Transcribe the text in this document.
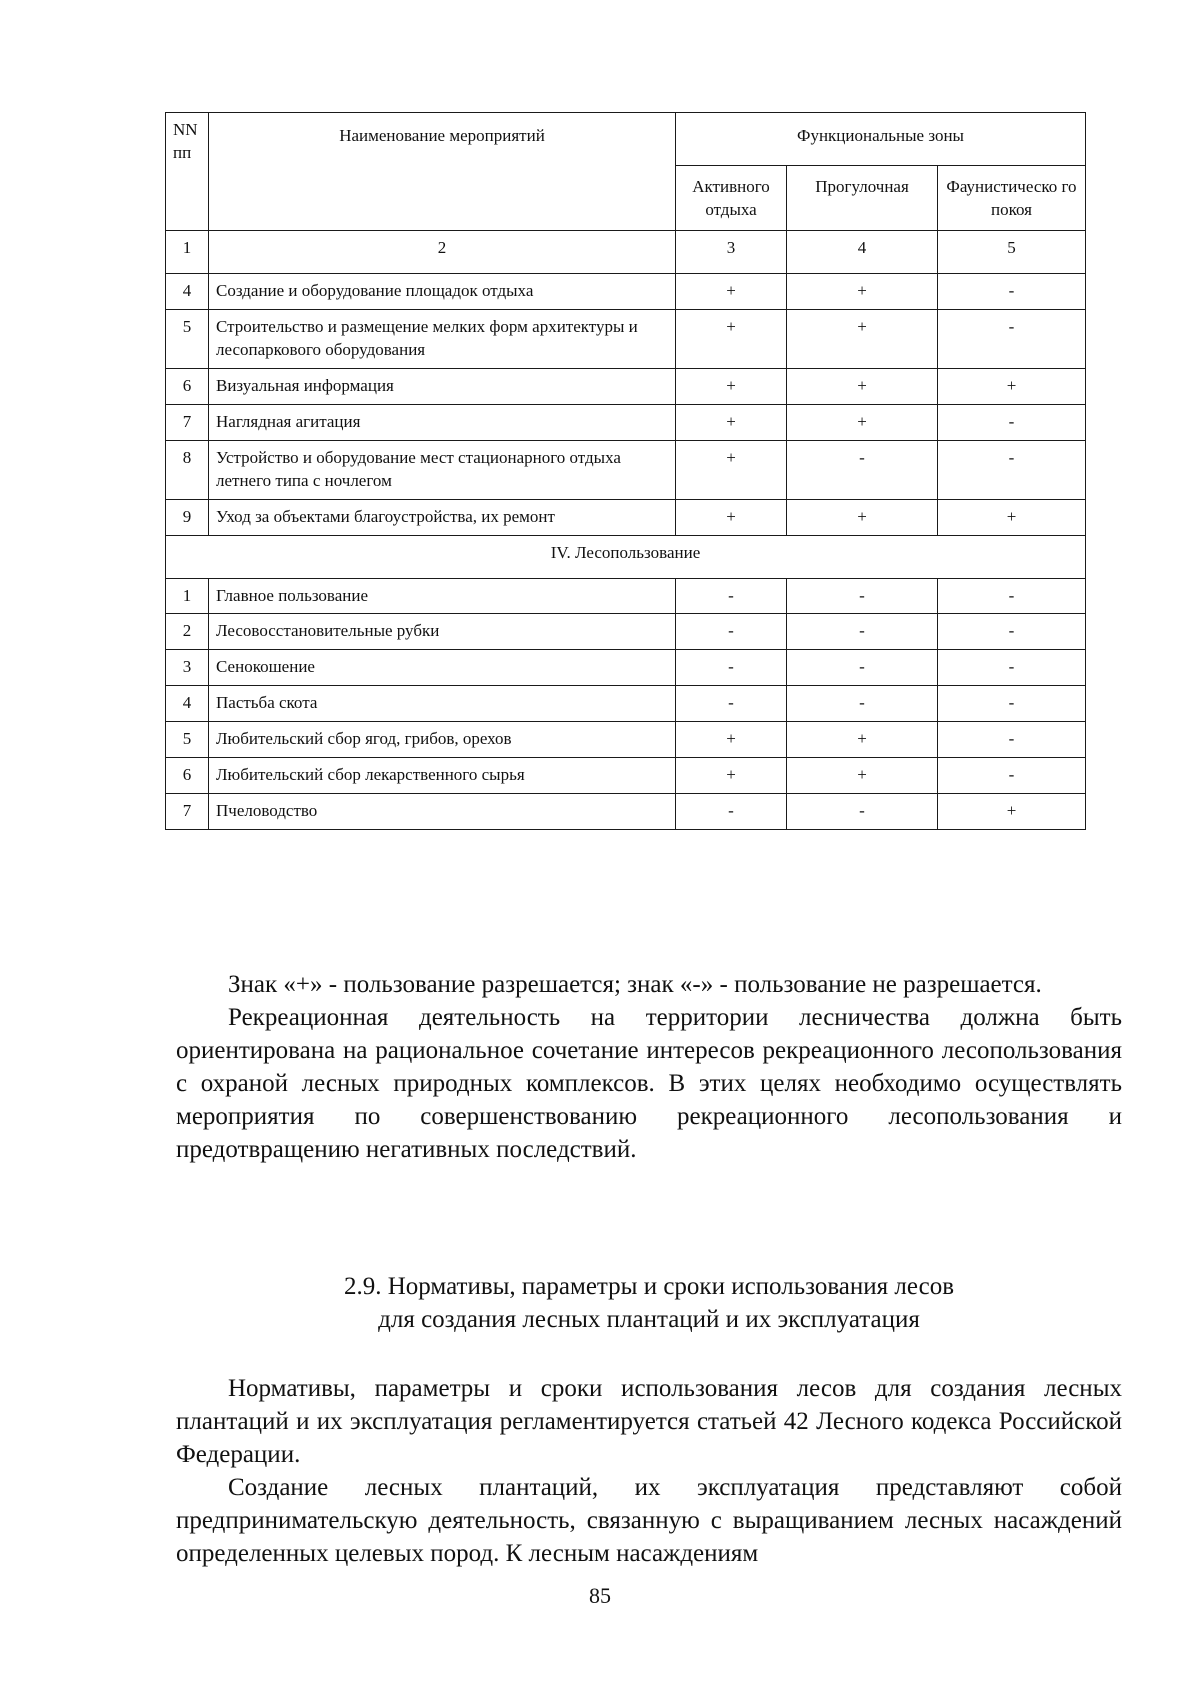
NN пп	Наименование мероприятий	Функциональные зоны		
		Активного отдыха	Прогулочная	Фаунистическо го покоя
1	2	3	4	5
4	Создание и оборудование площадок отдыха	+	+	-
5	Строительство и размещение мелких форм архитектуры и лесопаркового оборудования	+	+	-
6	Визуальная информация	+	+	+
7	Наглядная агитация	+	+	-
8	Устройство и оборудование мест стационарного отдыха летнего типа с ночлегом	+	-	-
9	Уход за объектами благоустройства, их ремонт	+	+	+
IV. Лесопользование				
1	Главное пользование	-	-	-
2	Лесовосстановительные рубки	-	-	-
3	Сенокошение	-	-	-
4	Пастьба скота	-	-	-
5	Любительский сбор ягод, грибов, орехов	+	+	-
6	Любительский сбор лекарственного сырья	+	+	-
7	Пчеловодство	-	-	+

Знак «+» - пользование разрешается; знак «-» - пользование не разрешается.

Рекреационная деятельность на территории лесничества должна быть ориентирована на рациональное сочетание интересов рекреационного лесопользования с охраной лесных природных комплексов. В этих целях необходимо осуществлять мероприятия по совершенствованию рекреационного лесопользования и предотвращению негативных последствий.

2.9. Нормативы, параметры и сроки использования лесов
для создания лесных плантаций и их эксплуатация

Нормативы, параметры и сроки использования лесов для создания лесных плантаций и их эксплуатация регламентируется статьей 42 Лесного кодекса Российской Федерации.

Создание лесных плантаций, их эксплуатация представляют собой предпринимательскую деятельность, связанную с выращиванием лесных насаждений определенных целевых пород. К лесным насаждениям

85
